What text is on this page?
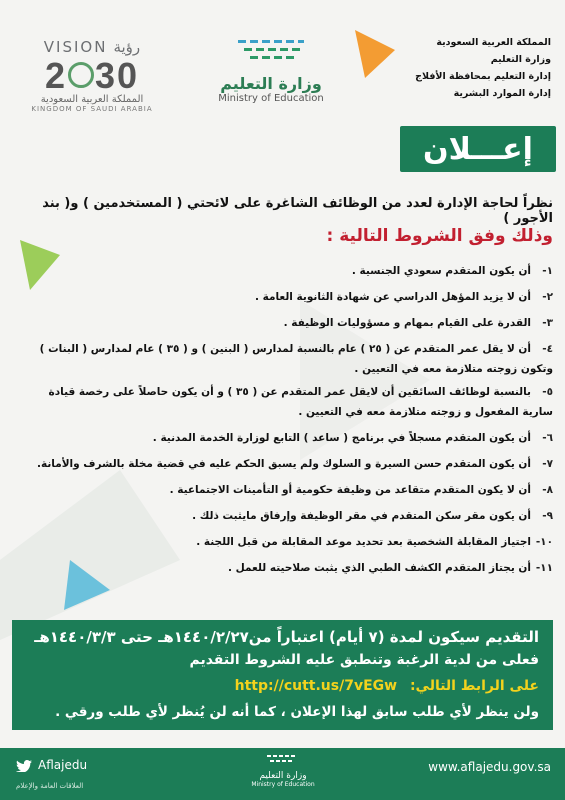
VISION رؤية
2 30
المملكة العربية السعودية
KINGDOM OF SAUDI ARABIA
وزارة التعليم
Ministry of Education
المملكة العربية السعودية
وزارة التعليم
إدارة التعليم بمحافظة الأفلاج
إدارة الموارد البشرية
إعـــلان
نظراً لحاجة الإدارة لعدد من الوظائف الشاغرة على لائحتي ( المستخدمين ) و( بند الأجور )
وذلك وفق الشروط التالية :
١-أن يكون المتقدم سعودي الجنسية .
٢-أن لا يزيد المؤهل الدراسي عن شهادة الثانوية العامة .
٣-القدرة على القيام بمهام و مسؤوليات الوظيفة .
٤-أن لا يقل عمر المتقدم عن ( ٢٥ ) عام بالنسبة لمدارس ( البنين ) و ( ٣٥ ) عام لمدارس ( البنات ) وتكون زوجته متلازمة معه في التعيين .
٥-بالنسبة لوظائف السائقين أن لايقل عمر المتقدم عن ( ٣٥ ) و أن يكون حاصلاً على رخصة قيادة سارية المفعول و زوجته متلازمة معه في التعيين .
٦-أن يكون المتقدم مسجلاً في برنامج ( ساعد ) التابع لوزارة الخدمة المدنية .
٧-أن يكون المتقدم حسن السيرة و السلوك ولم يسبق الحكم عليه في قضية مخلة بالشرف والأمانة.
٨-أن لا يكون المتقدم متقاعد من وظيفة حكومية أو التأمينات الاجتماعية .
٩-أن يكون مقر سكن المتقدم في مقر الوظيفة وإرفاق مايثبت ذلك .
١٠-اجتياز المقابلة الشخصية بعد تحديد موعد المقابلة من قبل اللجنة .
١١-أن يجتاز المتقدم الكشف الطبي الذي يثبت صلاحيته للعمل .
التقديم سيكون لمدة (٧ أيام) اعتباراً من١٤٤٠/٢/٢٧هـ حتى ١٤٤٠/٣/٣هـ
فعلى من لدية الرغبة وتنطبق عليه الشروط التقديم
على الرابط التالي: http://cutt.us/7vEGw
ولن ينظر لأي طلب سابق لهذا الإعلان ، كما أنه لن يُنظر لأي طلب ورقي .
Aflajedu
العلاقات العامة والإعلام
وزارة التعليم
Ministry of Education
www.aflajedu.gov.sa
